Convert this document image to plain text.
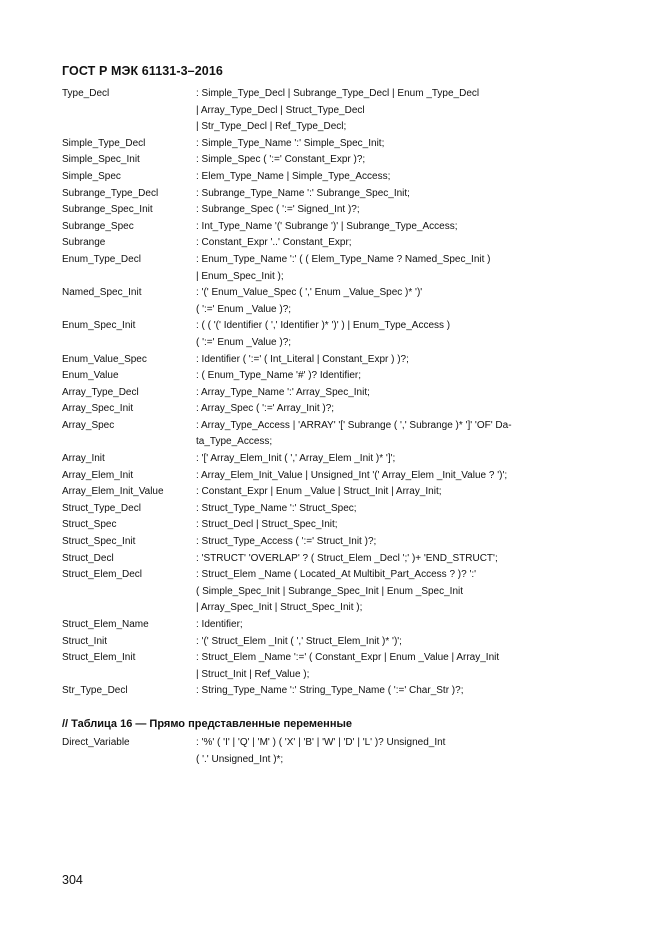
ГОСТ Р МЭК 61131-3–2016
Type_Decl	: Simple_Type_Decl | Subrange_Type_Decl | Enum _Type_Decl
| Array_Type_Decl | Struct_Type_Decl
| Str_Type_Decl | Ref_Type_Decl;
Simple_Type_Decl	: Simple_Type_Name ':' Simple_Spec_Init;
Simple_Spec_Init	: Simple_Spec ( ':=' Constant_Expr )?;
Simple_Spec	: Elem_Type_Name | Simple_Type_Access;
Subrange_Type_Decl	: Subrange_Type_Name ':' Subrange_Spec_Init;
Subrange_Spec_Init	: Subrange_Spec ( ':=' Signed_Int )?;
Subrange_Spec	: Int_Type_Name '(' Subrange ')' | Subrange_Type_Access;
Subrange	: Constant_Expr '..' Constant_Expr;
Enum_Type_Decl	: Enum_Type_Name ':' ( ( Elem_Type_Name ? Named_Spec_Init )
| Enum_Spec_Init );
Named_Spec_Init	: '(' Enum_Value_Spec ( ',' Enum _Value_Spec )* ')'
( ':=' Enum _Value )?;
Enum_Spec_Init	: ( ( '(' Identifier ( ',' Identifier )* ')' ) | Enum_Type_Access )
( ':=' Enum _Value )?;
Enum_Value_Spec	: Identifier ( ':=' ( Int_Literal | Constant_Expr ) )?;
Enum_Value	: ( Enum_Type_Name '#' )? Identifier;
Array_Type_Decl	: Array_Type_Name ':' Array_Spec_Init;
Array_Spec_Init	: Array_Spec ( ':=' Array_Init )?;
Array_Spec	: Array_Type_Access | 'ARRAY' '[' Subrange ( ',' Subrange )* ']' 'OF' Da-
ta_Type_Access;
Array_Init	: '[' Array_Elem_Init ( ',' Array_Elem _Init )* ']';
Array_Elem_Init	: Array_Elem_Init_Value | Unsigned_Int '(' Array_Elem _Init_Value ? ')';
Array_Elem_Init_Value	: Constant_Expr | Enum _Value | Struct_Init | Array_Init;
Struct_Type_Decl	: Struct_Type_Name ':' Struct_Spec;
Struct_Spec	: Struct_Decl | Struct_Spec_Init;
Struct_Spec_Init	: Struct_Type_Access ( ':=' Struct_Init )?;
Struct_Decl	: 'STRUCT' 'OVERLAP' ? ( Struct_Elem _Decl ';' )+ 'END_STRUCT';
Struct_Elem_Decl	: Struct_Elem _Name ( Located_At Multibit_Part_Access ? )? ':'
( Simple_Spec_Init | Subrange_Spec_Init | Enum _Spec_Init
| Array_Spec_Init | Struct_Spec_Init );
Struct_Elem_Name	: Identifier;
Struct_Init	: '(' Struct_Elem _Init ( ',' Struct_Elem_Init )* ')';
Struct_Elem_Init	: Struct_Elem _Name ':=' ( Constant_Expr | Enum _Value | Array_Init
| Struct_Init | Ref_Value );
Str_Type_Decl	: String_Type_Name ':' String_Type_Name ( ':=' Char_Str )?;
// Таблица 16 — Прямо представленные переменные
Direct_Variable	: '%' ( 'I' | 'Q' | 'M' ) ( 'X' | 'B' | 'W' | 'D' | 'L' )? Unsigned_Int
( '.' Unsigned_Int )*;
304
